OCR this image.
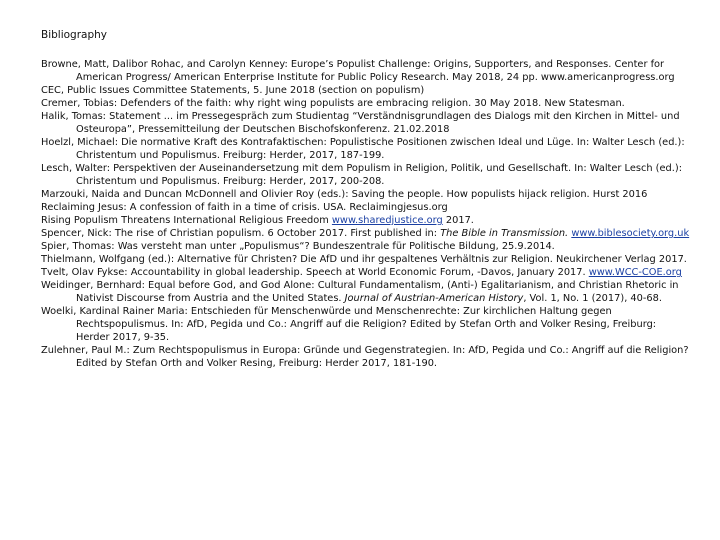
Bibliography
Browne, Matt, Dalibor Rohac, and Carolyn Kenney: Europe’s Populist Challenge: Origins, Supporters, and Responses. Center for American Progress/ American Enterprise Institute for Public Policy Research. May 2018, 24 pp. www.americanprogress.org
CEC, Public Issues Committee Statements, 5. June 2018 (section on populism)
Cremer, Tobias: Defenders of the faith: why right wing populists are embracing religion. 30 May 2018. New Statesman.
Halik, Tomas: Statement ... im Pressegespräch zum Studientag “Verständnisgrundlagen des Dialogs mit den Kirchen in Mittel- und Osteuropa”, Pressemitteilung der Deutschen Bischofskonferenz. 21.02.2018
Hoelzl, Michael: Die normative Kraft des Kontrafaktischen: Populistische Positionen zwischen Ideal und Lüge. In: Walter Lesch (ed.): Christentum und Populismus. Freiburg: Herder, 2017, 187-199.
Lesch, Walter: Perspektiven der Auseinandersetzung mit dem Populism in Religion, Politik, und Gesellschaft. In: Walter Lesch (ed.): Christentum und Populismus. Freiburg: Herder, 2017, 200-208.
Marzouki, Naida and Duncan McDonnell and Olivier Roy (eds.): Saving the people. How populists hijack religion. Hurst 2016
Reclaiming Jesus: A confession of faith in a time of crisis. USA. Reclaimingjesus.org
Rising Populism Threatens International Religious Freedom www.sharedjustice.org 2017.
Spencer, Nick: The rise of Christian populism. 6 October 2017. First published in: The Bible in Transmission. www.biblesociety.org.uk
Spier, Thomas: Was versteht man unter „Populismus“? Bundeszentrale für Politische Bildung, 25.9.2014.
Thielmann, Wolfgang (ed.): Alternative für Christen? Die AfD und ihr gespaltenes Verhältnis zur Religion. Neukirchener Verlag 2017.
Tvelt, Olav Fykse: Accountability in global leadership. Speech at World Economic Forum, -Davos, January 2017. www.WCC-COE.org
Weidinger, Bernhard: Equal before God, and God Alone: Cultural Fundamentalism, (Anti-) Egalitarianism, and Christian Rhetoric in Nativist Discourse from Austria and the United States. Journal of Austrian-American History, Vol. 1, No. 1 (2017), 40-68.
Woelki, Kardinal Rainer Maria: Entschieden für Menschenwürde und Menschenrechte: Zur kirchlichen Haltung gegen Rechtspopulismus. In: AfD, Pegida und Co.: Angriff auf die Religion? Edited by Stefan Orth and Volker Resing, Freiburg: Herder 2017, 9-35.
Zulehner, Paul M.: Zum Rechtspopulismus in Europa: Gründe und Gegenstrategien. In: AfD, Pegida und Co.: Angriff auf die Religion? Edited by Stefan Orth and Volker Resing, Freiburg: Herder 2017, 181-190.
